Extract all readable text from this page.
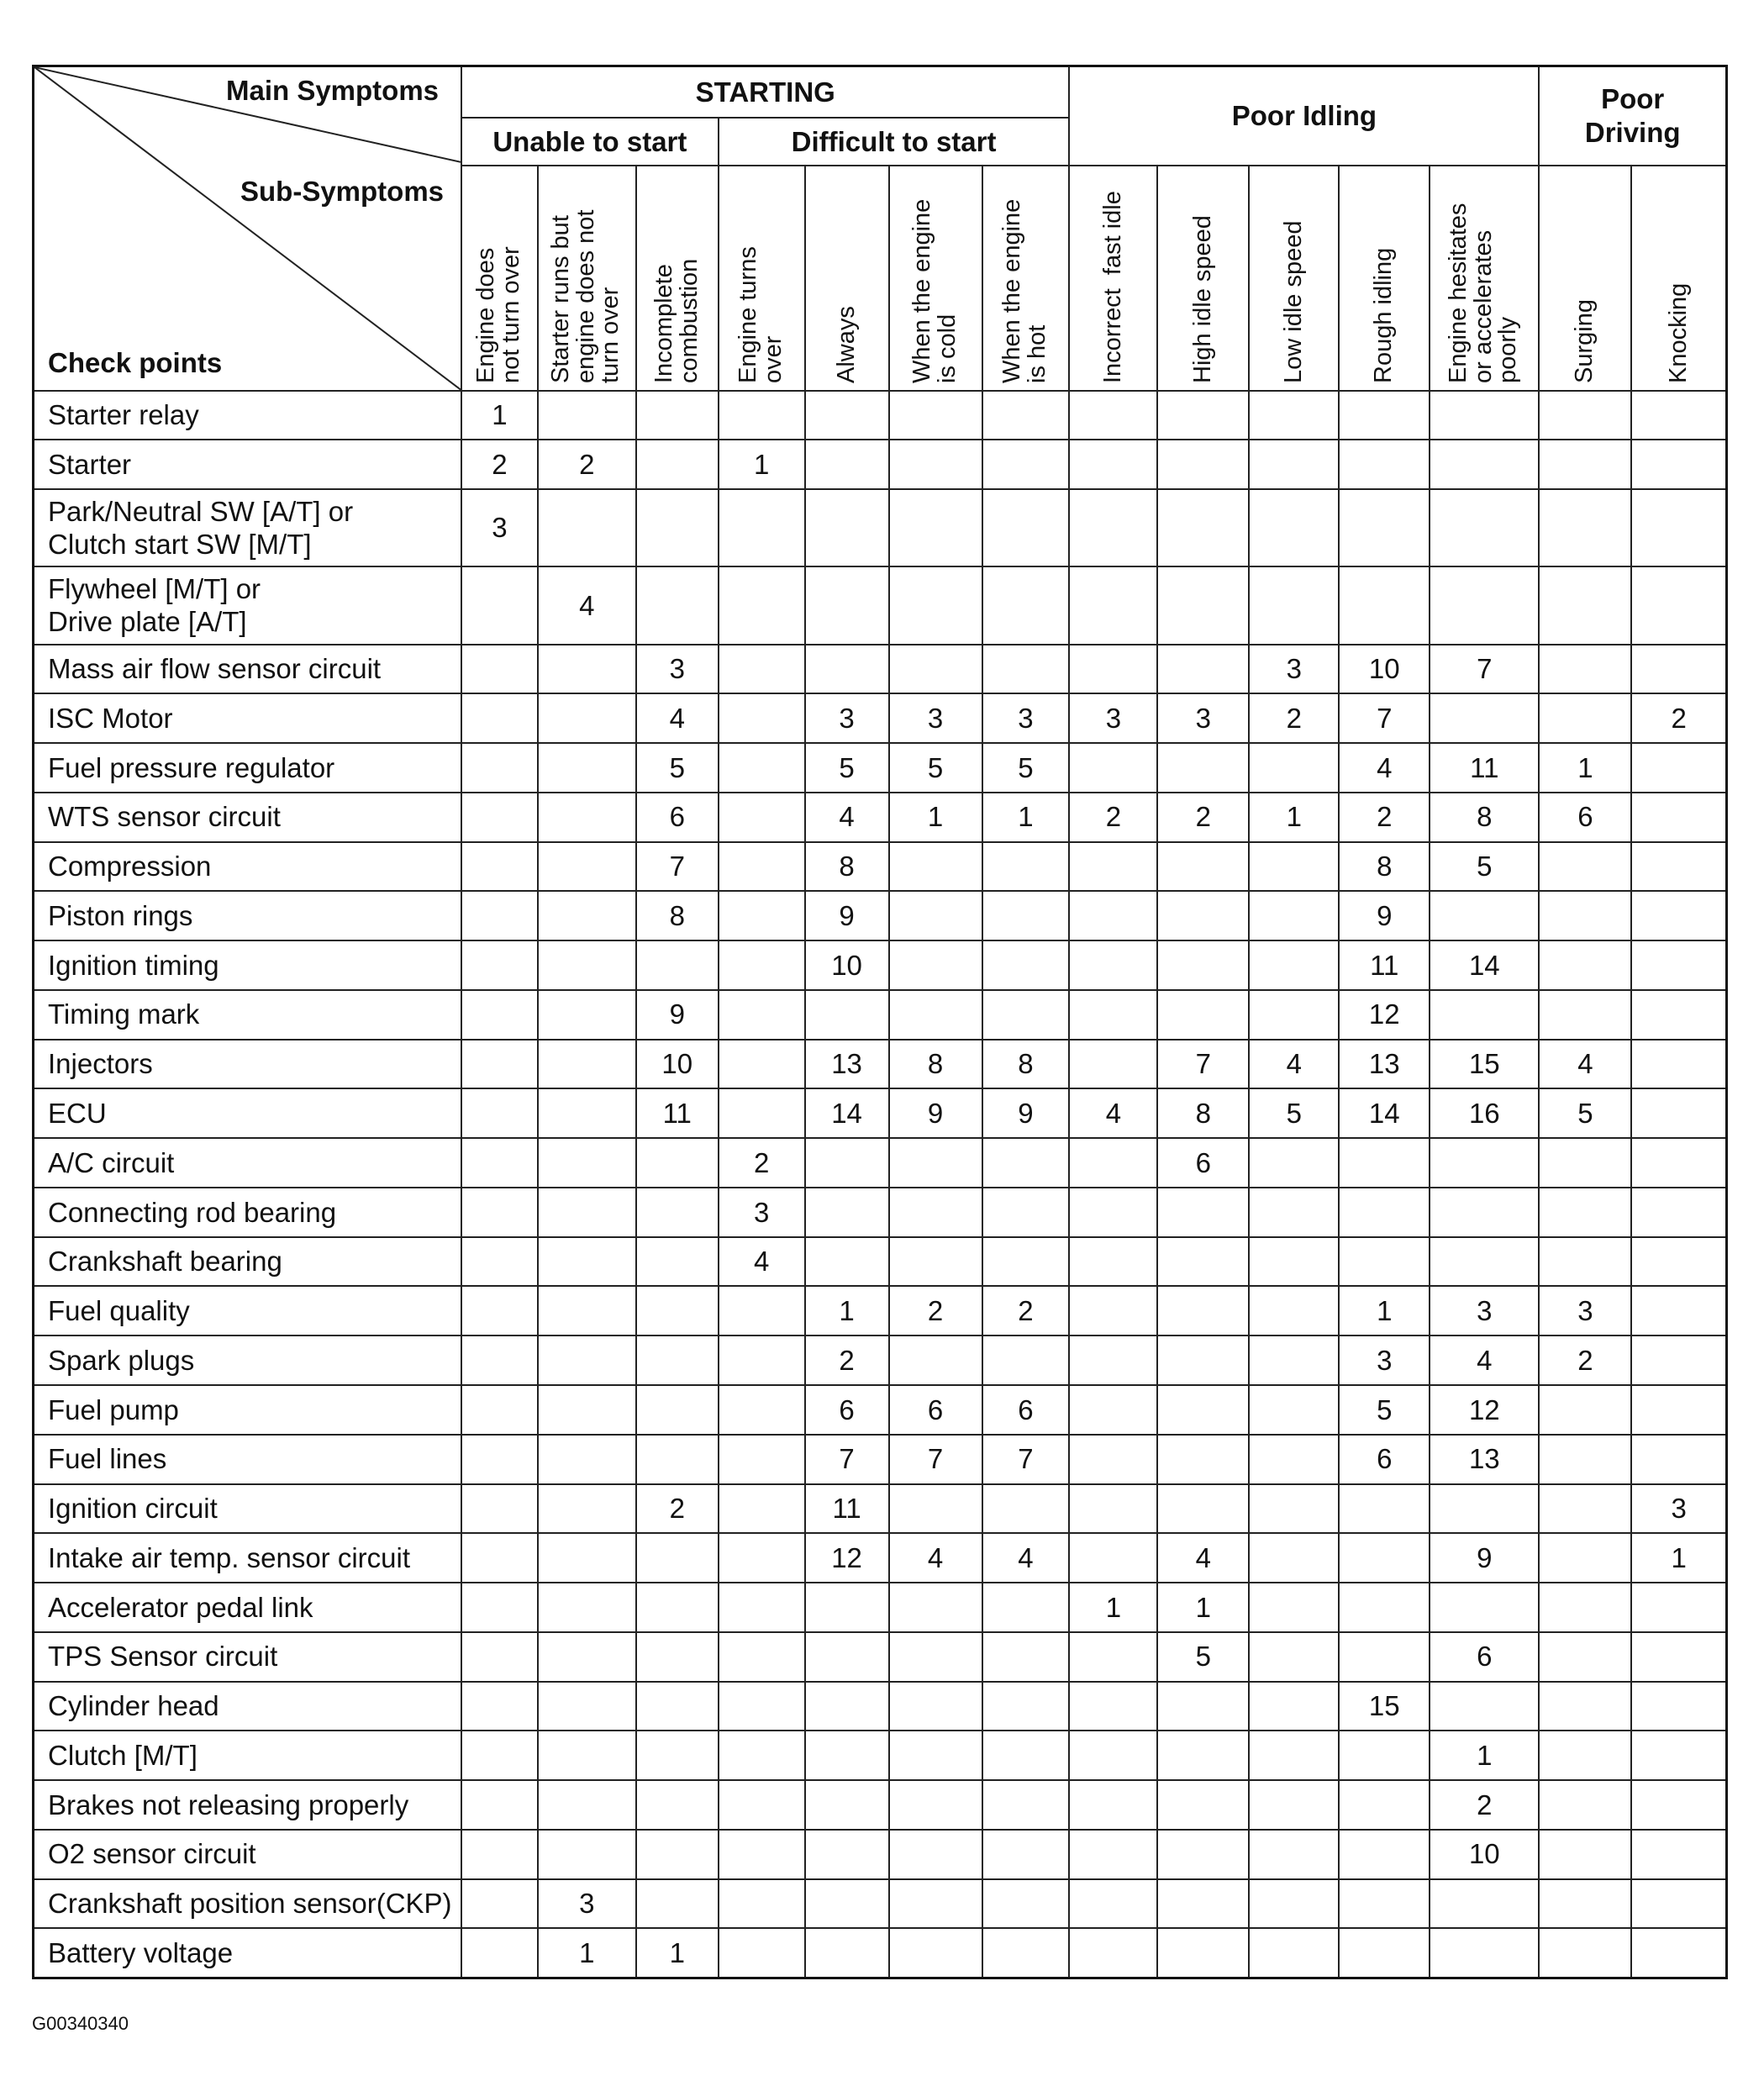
Main Symptoms
Sub-Symptoms
Check points	STARTING							Poor Idling					Poor
Driving	
	Unable to start			Difficult to start										

	Engine does
not turn over	Starter runs but
engine does not
turn over	Incomplete
combustion	Engine turns
over	Always	When the engine
is cold	When the engine
is hot	Incorrect  fast idle	High idle speed	Low idle speed	Rough idling	Engine hesitates
or accelerates
poorly	Surging	Knocking

Starter relay	1													

Starter	2	2		1										

Park/Neutral SW [A/T] or
Clutch start SW [M/T]	3													

Flywheel [M/T] or
Drive plate [A/T]		4												

Mass air flow sensor circuit			3							3	10	7		

ISC Motor			4		3	3	3	3	3	2	7			2

Fuel pressure regulator			5		5	5	5				4	11	1	

WTS sensor circuit			6		4	1	1	2	2	1	2	8	6	

Compression			7		8						8	5		

Piston rings			8		9						9			

Ignition timing					10						11	14		

Timing mark			9								12			

Injectors			10		13	8	8		7	4	13	15	4	

ECU			11		14	9	9	4	8	5	14	16	5	

A/C circuit				2					6					

Connecting rod bearing				3										

Crankshaft bearing				4										

Fuel quality					1	2	2				1	3	3	

Spark plugs					2						3	4	2	

Fuel pump					6	6	6				5	12		

Fuel lines					7	7	7				6	13		

Ignition circuit			2		11									3

Intake air temp. sensor circuit					12	4	4		4			9		1

Accelerator pedal link								1	1					

TPS Sensor circuit									5			6		

Cylinder head											15			

Clutch [M/T]												1		

Brakes not releasing properly												2		

O2 sensor circuit												10		

Crankshaft position sensor(CKP)		3												

Battery voltage		1	1											
G00340340
